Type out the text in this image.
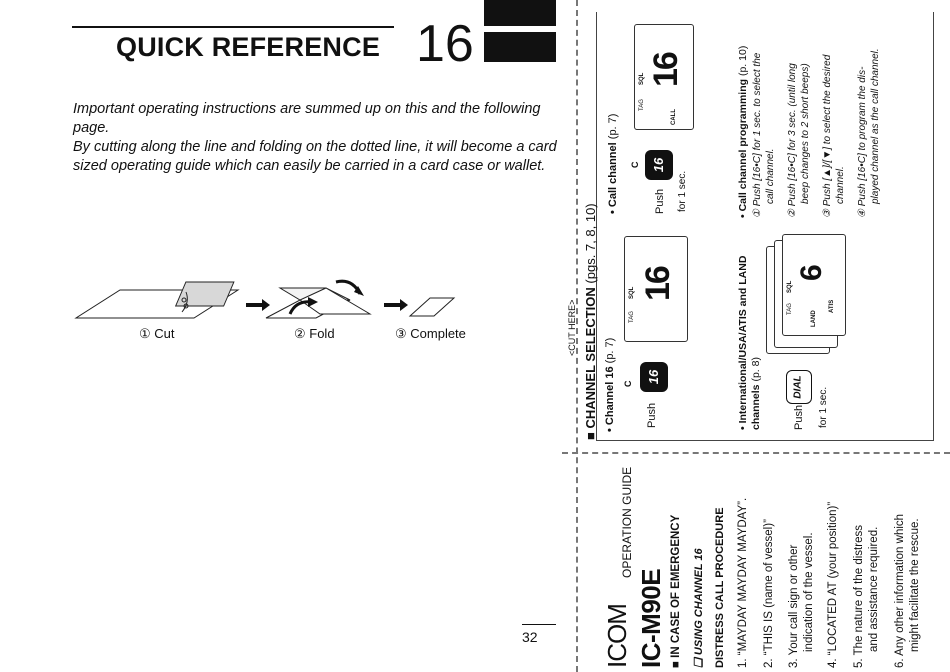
QUICK REFERENCE 16

Important operating instructions are summed up on this and the following page.

By cutting along the line and folding on the dotted line, it will become a card sized operating guide which can easily be carried in a card case or wallet.

① Cut	② Fold	③ Complete
32
<CUT HERE> ■ CHANNEL SELECTION (pgs. 7, 8, 10)
• Channel 16 (p. 7)
Push
C	16
TAG
SQL 16
• Call channel (p. 7)
Push
C 16
for 1 sec.
TAG
SQL
CALL
16
• International/USA/ATIS and LAND channels (p. 8)
Push
DIAL	for 1 sec.
TAG
SQL
LAND
ATIS
6
• Call channel programming (p. 10) ① Push [16•C] for 1 sec. to select the call channel. ② Push [16•C] for 3 sec. (until long beep changes to 2 short beeps) ③ Push [▲]/[▼] to select the desired channel. ④ Push [16•C] to program the dis- played channel as the call channel.
ICOM
OPERATION GUIDE
IC-M90E ■ IN CASE OF EMERGENCY ❑ USING CHANNEL 16 DISTRESS CALL PROCEDURE 1. “MAYDAY MAYDAY MAYDAY”. 2. “THIS IS (name of vessel)” 3. Your call sign or other indication of the vessel. 4. “LOCATED AT (your position)” 5. The nature of the distress and assistance required. 6. Any other information which might facilitate the rescue.
